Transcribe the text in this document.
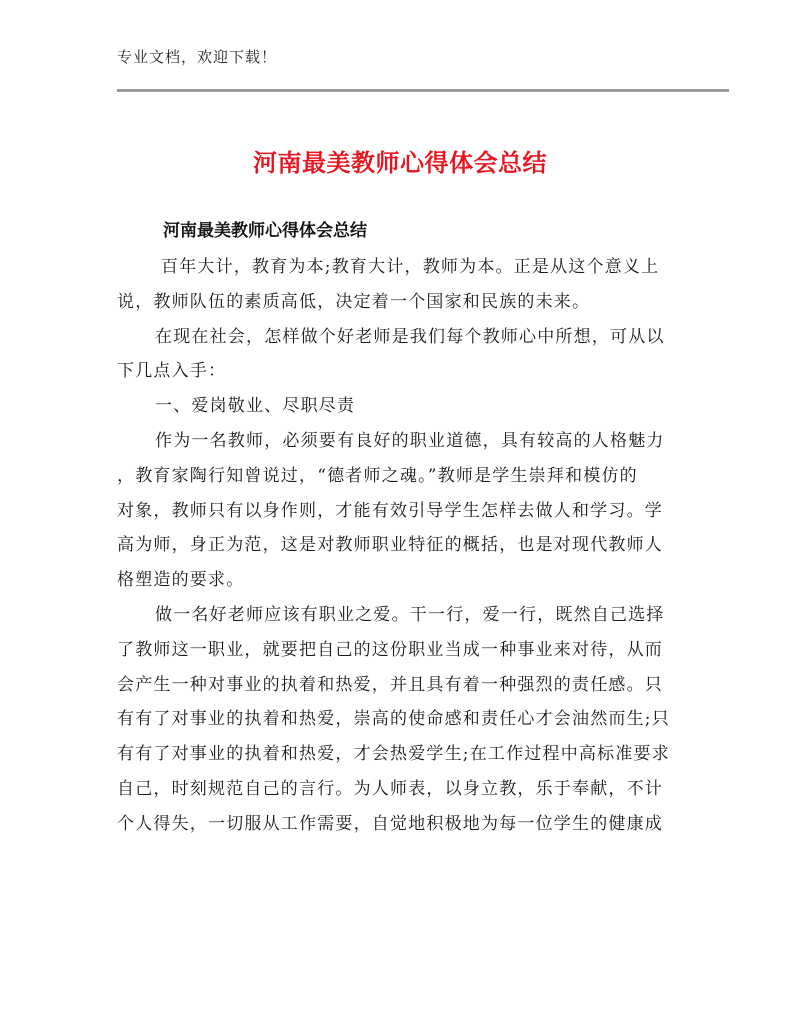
专业文档，欢迎下载！
河南最美教师心得体会总结

河南最美教师心得体会总结

百年大计，教育为本;教育大计，教师为本。正是从这个意义上
说，教师队伍的素质高低，决定着一个国家和民族的未来。

在现在社会，怎样做个好老师是我们每个教师心中所想，可从以
下几点入手：

一、爱岗敬业、尽职尽责

作为一名教师，必须要有良好的职业道德，具有较高的人格魅力
，教育家陶行知曾说过，“德者师之魂。”教师是学生崇拜和模仿的
对象，教师只有以身作则，才能有效引导学生怎样去做人和学习。学
高为师，身正为范，这是对教师职业特征的概括，也是对现代教师人
格塑造的要求。

做一名好老师应该有职业之爱。干一行，爱一行，既然自己选择
了教师这一职业，就要把自己的这份职业当成一种事业来对待，从而
会产生一种对事业的执着和热爱，并且具有着一种强烈的责任感。只
有有了对事业的执着和热爱，崇高的使命感和责任心才会油然而生;只
有有了对事业的执着和热爱，才会热爱学生;在工作过程中高标准要求
自己，时刻规范自己的言行。为人师表，以身立教，乐于奉献，不计
个人得失，一切服从工作需要，自觉地积极地为每一位学生的健康成
